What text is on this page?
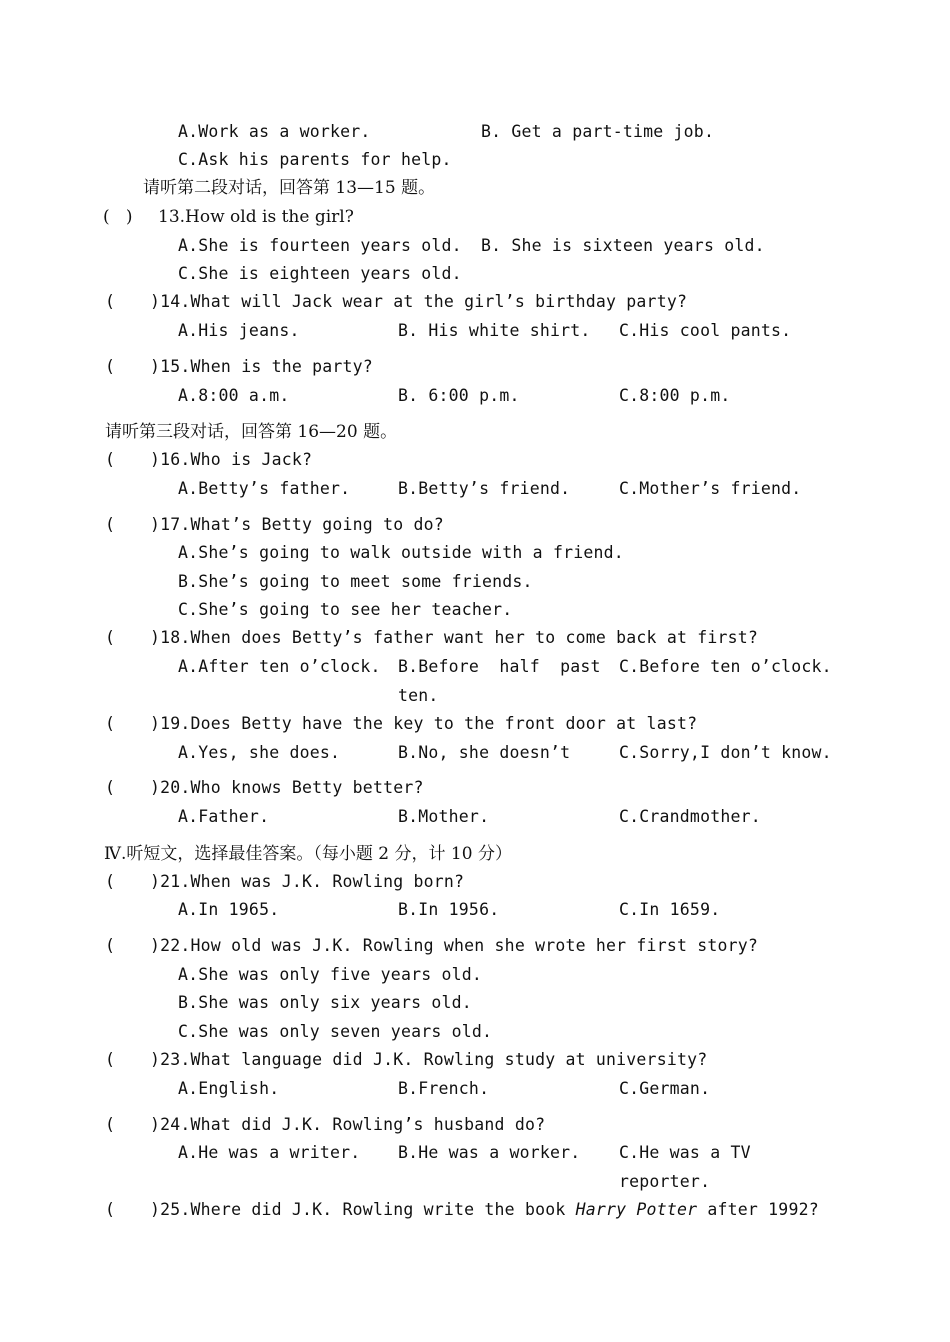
A.Work as a worker.	B. Get a part-time job.
C.Ask his parents for help.
请听第二段对话，回答第 13—15 题。
(   ) 13.How old is the girl?
A.She is fourteen years old. B. She is sixteen years old.
C.She is eighteen years old.
( )14.What will Jack wear at the girl’s birthday party?
A.His jeans.	B. His white shirt. C.His cool pants.
( )15.When is the party?
A.8:00 a.m.	B. 6:00 p.m.	C.8:00 p.m.
请听第三段对话，回答第 16—20 题。
( )16.Who is Jack?
A.Betty’s father.	B.Betty’s friend.	C.Mother’s friend.
( )17.What’s Betty going to do?
A.She’s going to walk outside with a friend.
B.She’s going to meet some friends.
C.She’s going to see her teacher.
( )18.When does Betty’s father want her to come back at first?
A.After ten o’clock. B.Before  half  past
ten.
C.Before ten o’clock.
( )19.Does Betty have the key to the front door at last?
A.Yes, she does.	B.No, she doesn’t	C.Sorry,I don’t know.
( )20.Who knows Betty better?
A.Father.	B.Mother.	C.Crandmother.
Ⅳ.听短文，选择最佳答案。（每小题 2 分，计 10 分）
( )21.When was J.K. Rowling born?
A.In 1965.	B.In 1956.	C.In 1659.
( )22.How old was J.K. Rowling when she wrote her first story?
A.She was only five years old.
B.She was only six years old.
C.She was only seven years old.
( )23.What language did J.K. Rowling study at university?
A.English.	B.French.	C.German.
( )24.What did J.K. Rowling’s husband do?
A.He was a writer. B.He was a worker. C.He was a TV
reporter.
( )25.Where did J.K. Rowling write the book Harry Potter after 1992?
